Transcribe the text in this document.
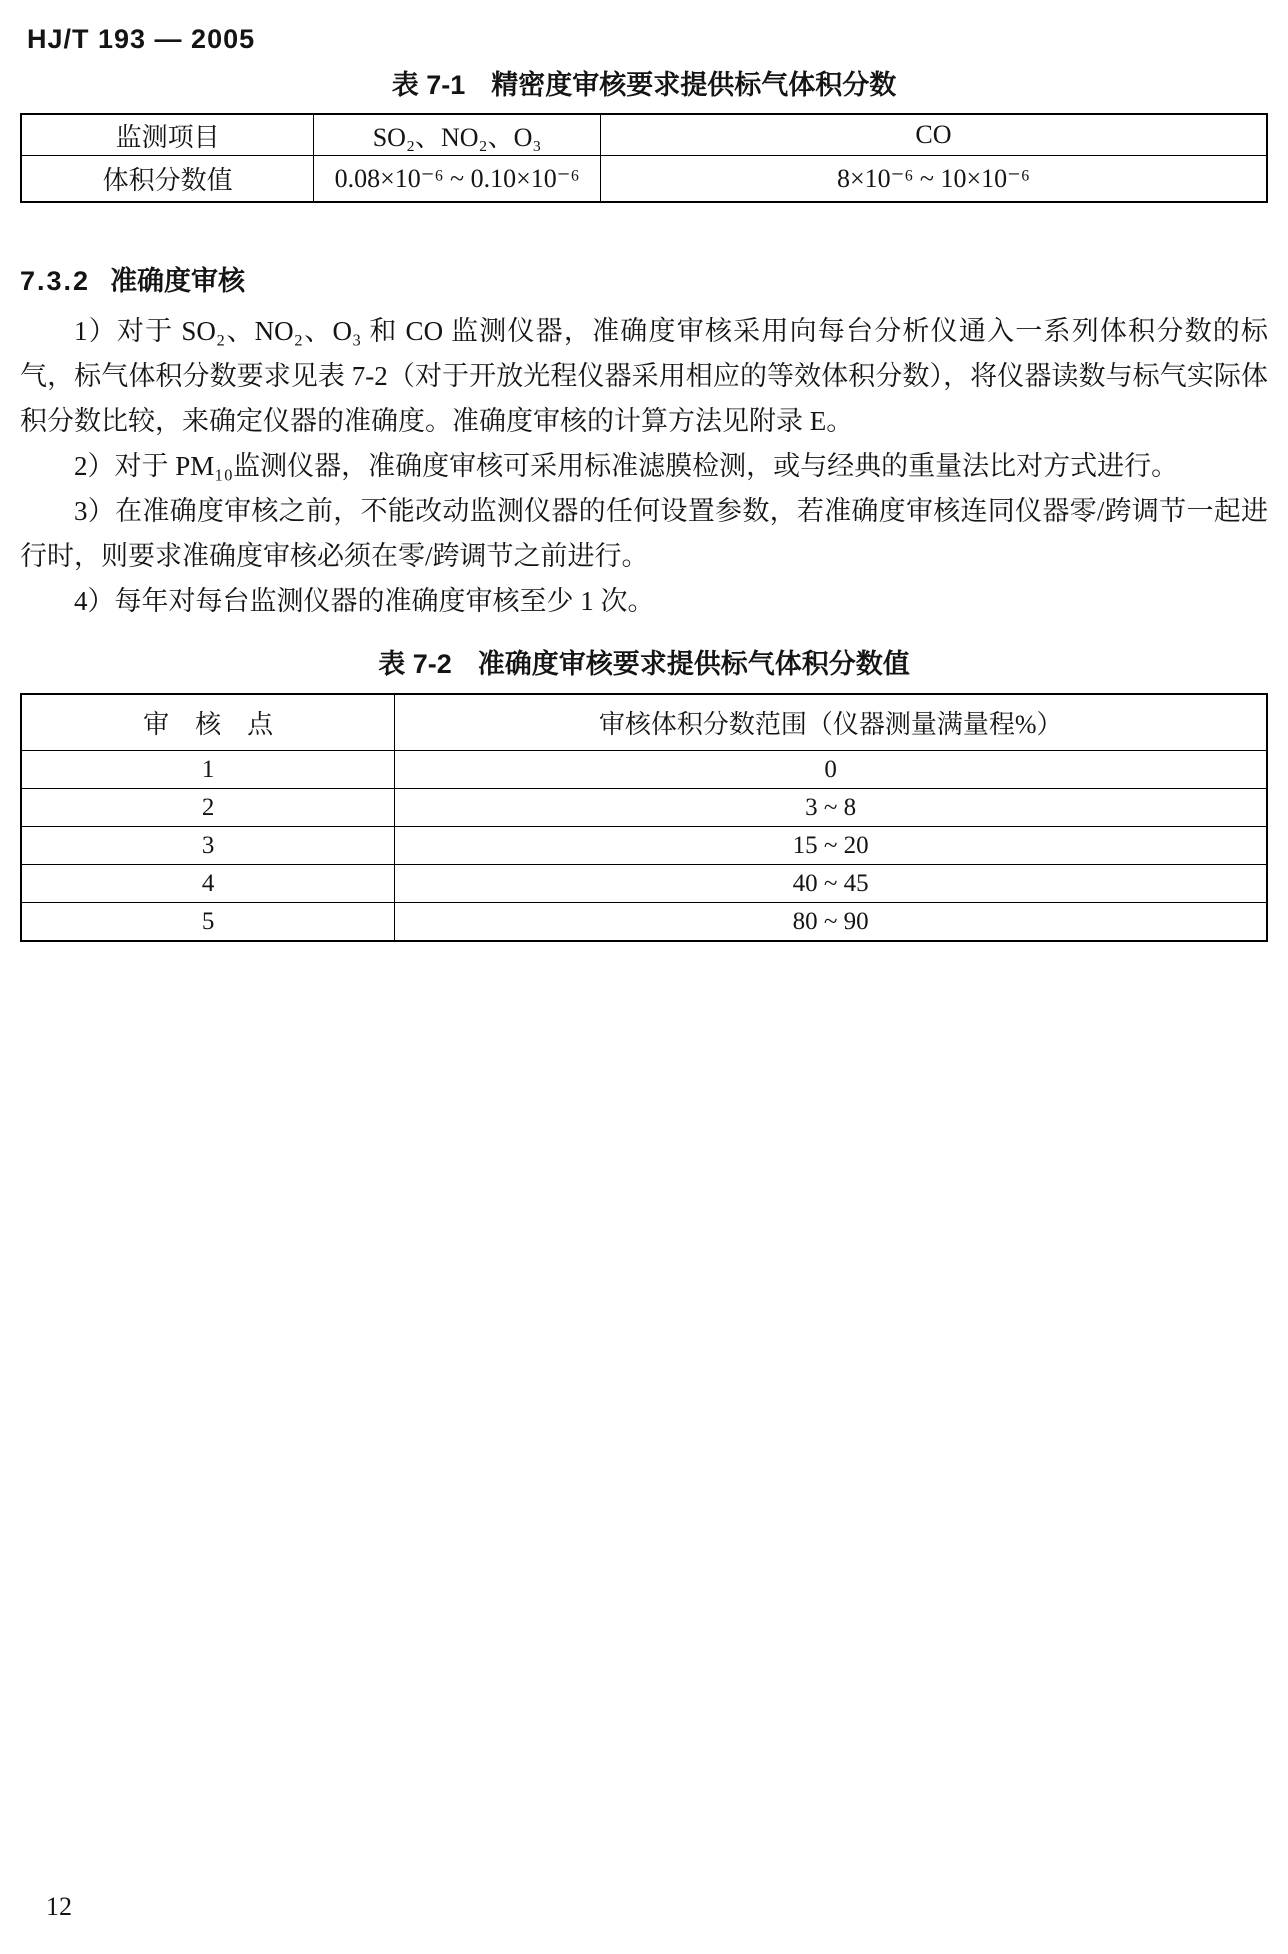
HJ/T 193 — 2005
表 7-1 精密度审核要求提供标气体积分数
监测项目	SO₂、NO₂、O₃	CO
体积分数值	0.08×10⁻⁶ ~ 0.10×10⁻⁶	8×10⁻⁶ ~ 10×10⁻⁶
7.3.2 准确度审核

1）对于 SO₂、NO₂、O₃ 和 CO 监测仪器，准确度审核采用向每台分析仪通入一系列体积分数的标气，标气体积分数要求见表 7-2（对于开放光程仪器采用相应的等效体积分数），将仪器读数与标气实际体积分数比较，来确定仪器的准确度。准确度审核的计算方法见附录 E。

2）对于 PM₁₀监测仪器，准确度审核可采用标准滤膜检测，或与经典的重量法比对方式进行。

3）在准确度审核之前，不能改动监测仪器的任何设置参数，若准确度审核连同仪器零/跨调节一起进行时，则要求准确度审核必须在零/跨调节之前进行。

4）每年对每台监测仪器的准确度审核至少 1 次。

表 7-2 准确度审核要求提供标气体积分数值
审　核　点	审核体积分数范围（仪器测量满量程%）
1	0
2	3 ~ 8
3	15 ~ 20
4	40 ~ 45
5	80 ~ 90
12
